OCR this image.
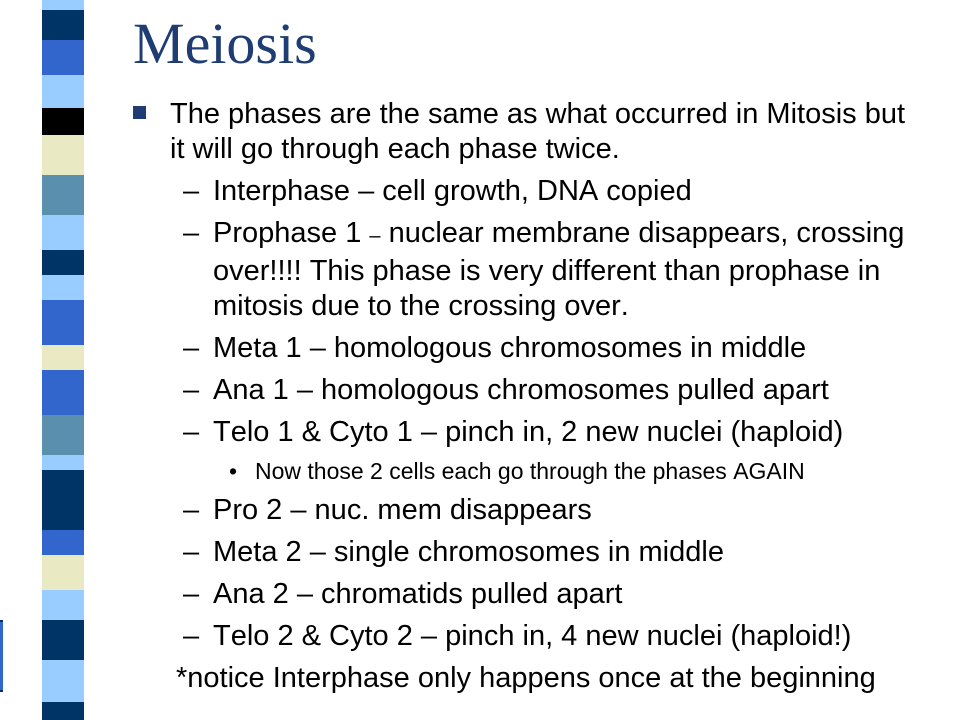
Meiosis
The phases are the same as what occurred in Mitosis but it will go through each phase twice.
– Interphase – cell growth, DNA copied
– Prophase 1 – nuclear membrane disappears, crossing over!!!! This phase is very different than prophase in mitosis due to the crossing over.
– Meta 1 – homologous chromosomes in middle
– Ana 1 – homologous chromosomes pulled apart
– Telo 1 & Cyto 1 – pinch in, 2 new nuclei (haploid)
• Now those 2 cells each go through the phases AGAIN
– Pro 2 – nuc. mem disappears
– Meta 2 – single chromosomes in middle
– Ana 2 – chromatids pulled apart
– Telo 2 & Cyto 2 – pinch in, 4 new nuclei (haploid!)
*notice Interphase only happens once at the beginning
